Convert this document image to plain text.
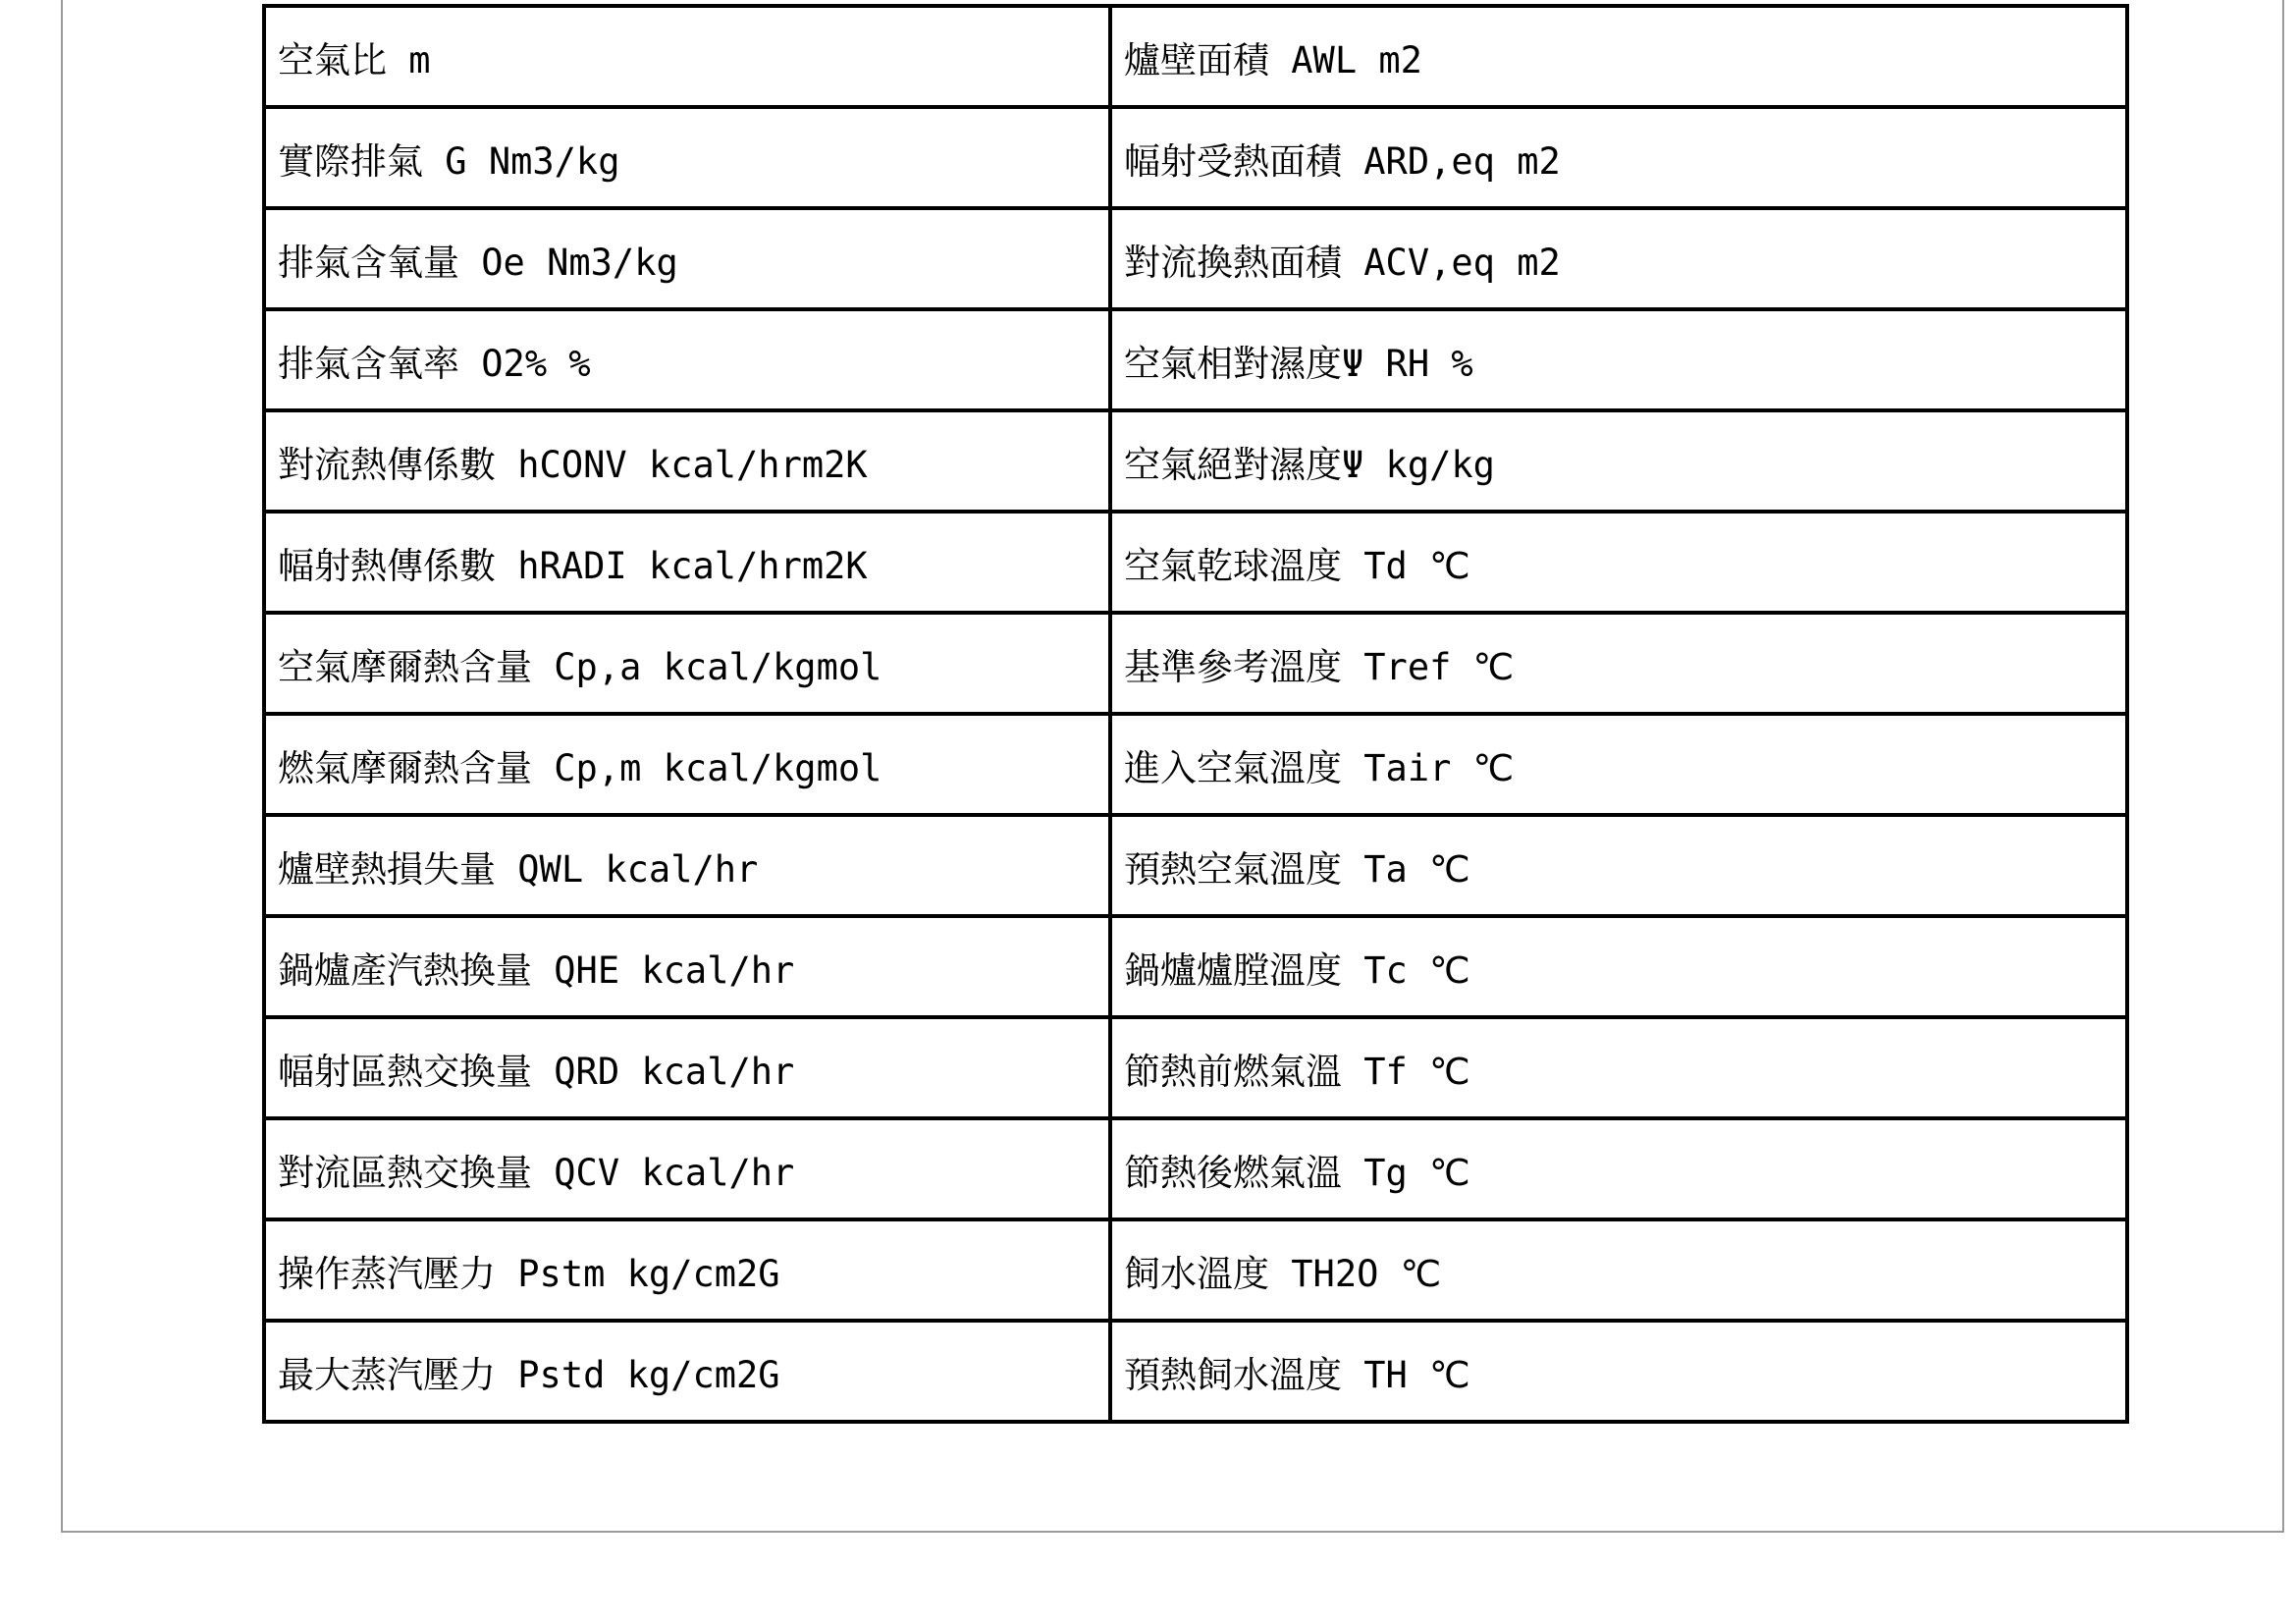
空氣比 m	爐壁面積 AWL m2
實際排氣 G Nm3/kg	幅射受熱面積 ARD,eq m2
排氣含氧量 Oe Nm3/kg	對流換熱面積 ACV,eq m2
排氣含氧率 O2% %	空氣相對濕度Ψ RH %
對流熱傳係數 hCONV kcal/hrm2K	空氣絕對濕度Ψ kg/kg
幅射熱傳係數 hRADI kcal/hrm2K	空氣乾球溫度 Td ℃
空氣摩爾熱含量 Cp,a kcal/kgmol	基準參考溫度 Tref ℃
燃氣摩爾熱含量 Cp,m kcal/kgmol	進入空氣溫度 Tair ℃
爐壁熱損失量 QWL kcal/hr	預熱空氣溫度 Ta ℃
鍋爐產汽熱換量 QHE kcal/hr	鍋爐爐膛溫度 Tc ℃
幅射區熱交換量 QRD kcal/hr	節熱前燃氣溫 Tf ℃
對流區熱交換量 QCV kcal/hr	節熱後燃氣溫 Tg ℃
操作蒸汽壓力 Pstm kg/cm2G	飼水溫度 TH2O ℃
最大蒸汽壓力 Pstd kg/cm2G	預熱飼水溫度 TH ℃
